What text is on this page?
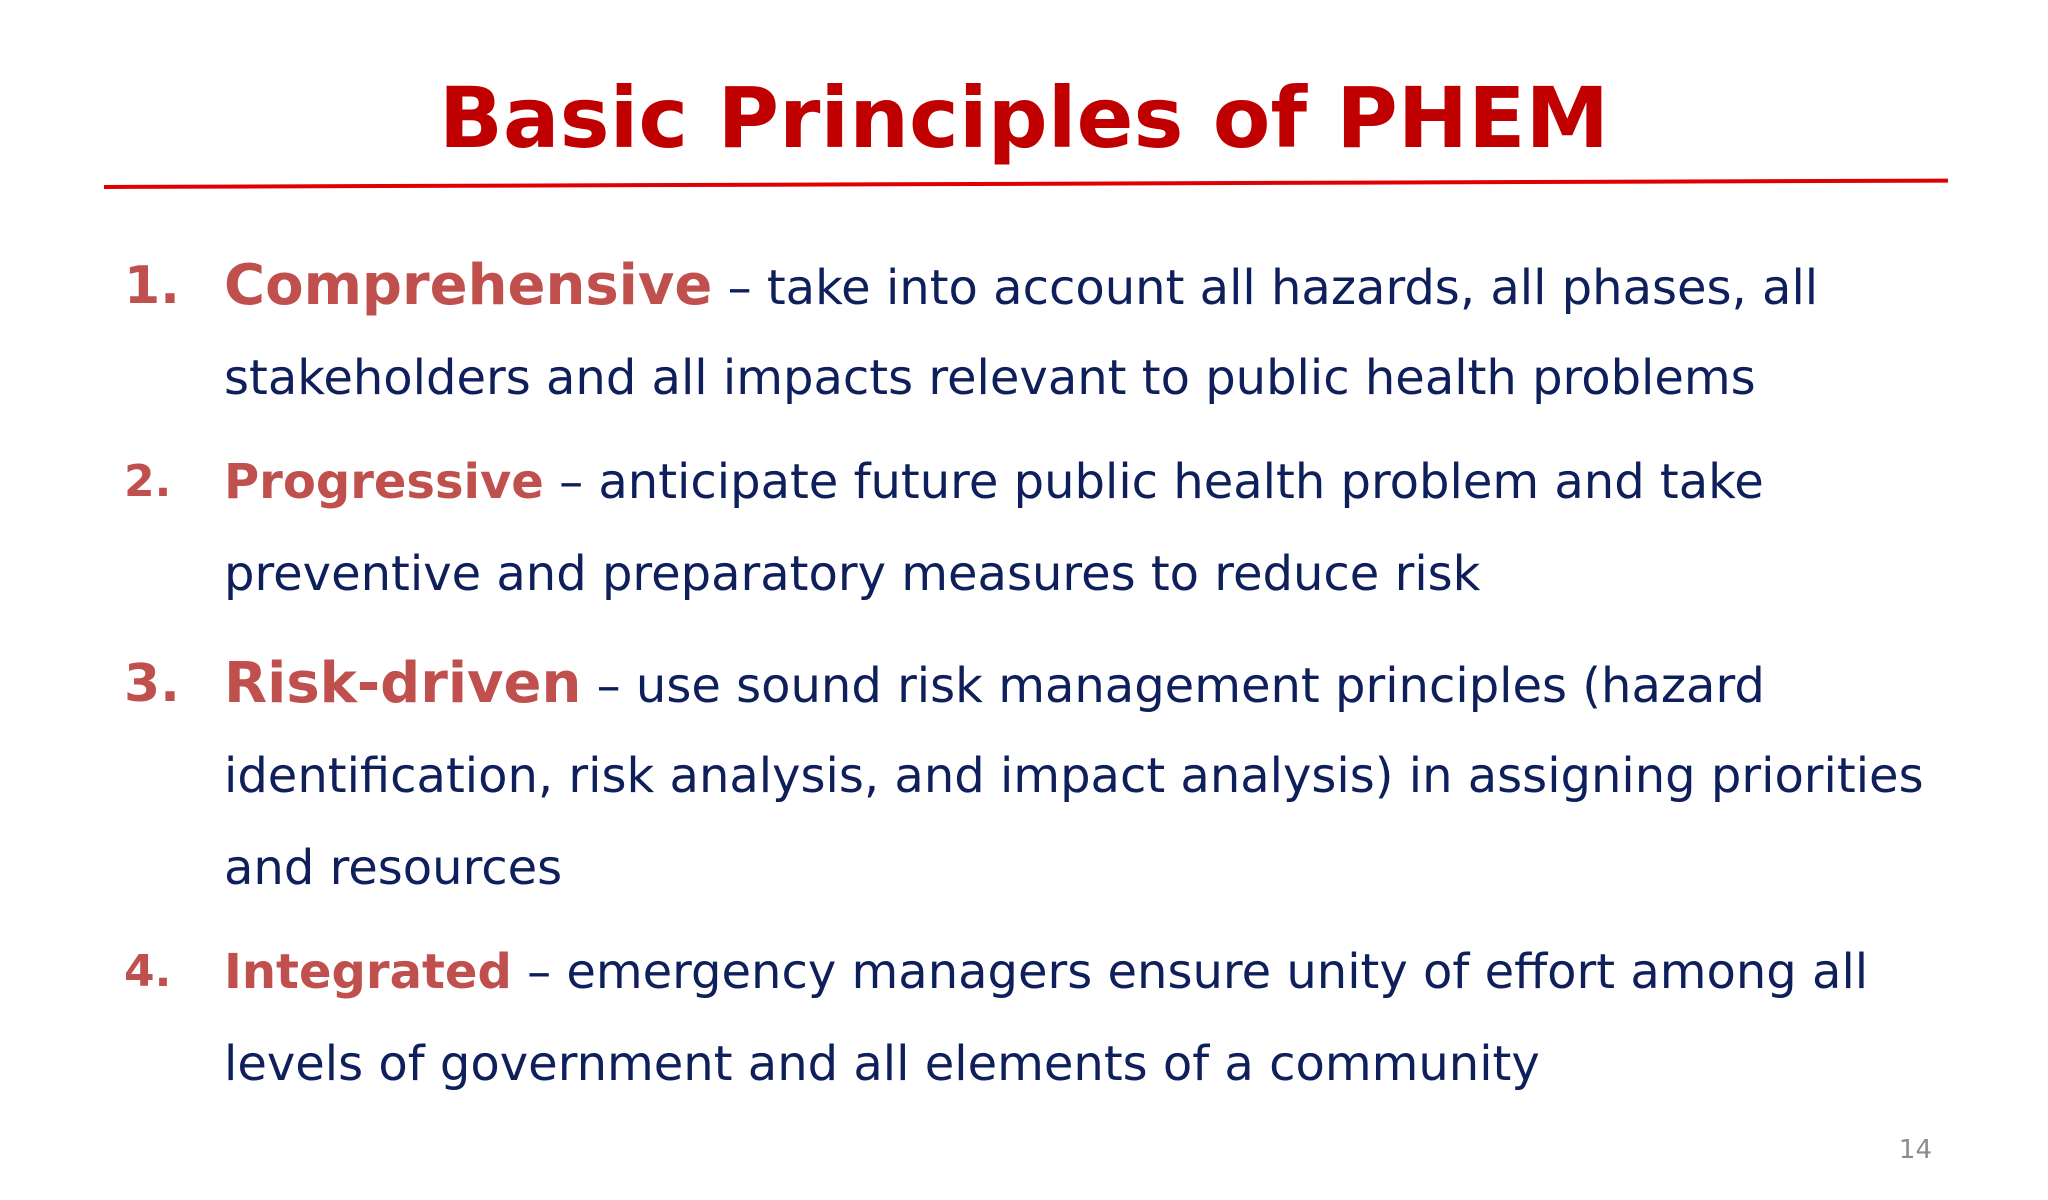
Basic Principles of PHEM
1. Comprehensive – take into account all hazards, all phases, all
stakeholders and all impacts relevant to public health problems
2. Progressive – anticipate future public health problem and take
preventive and preparatory measures to reduce risk
3. Risk-driven – use sound risk management principles (hazard
identification, risk analysis, and impact analysis) in assigning priorities
and resources
4. Integrated – emergency managers ensure unity of effort among all
levels of government and all elements of a community
14
